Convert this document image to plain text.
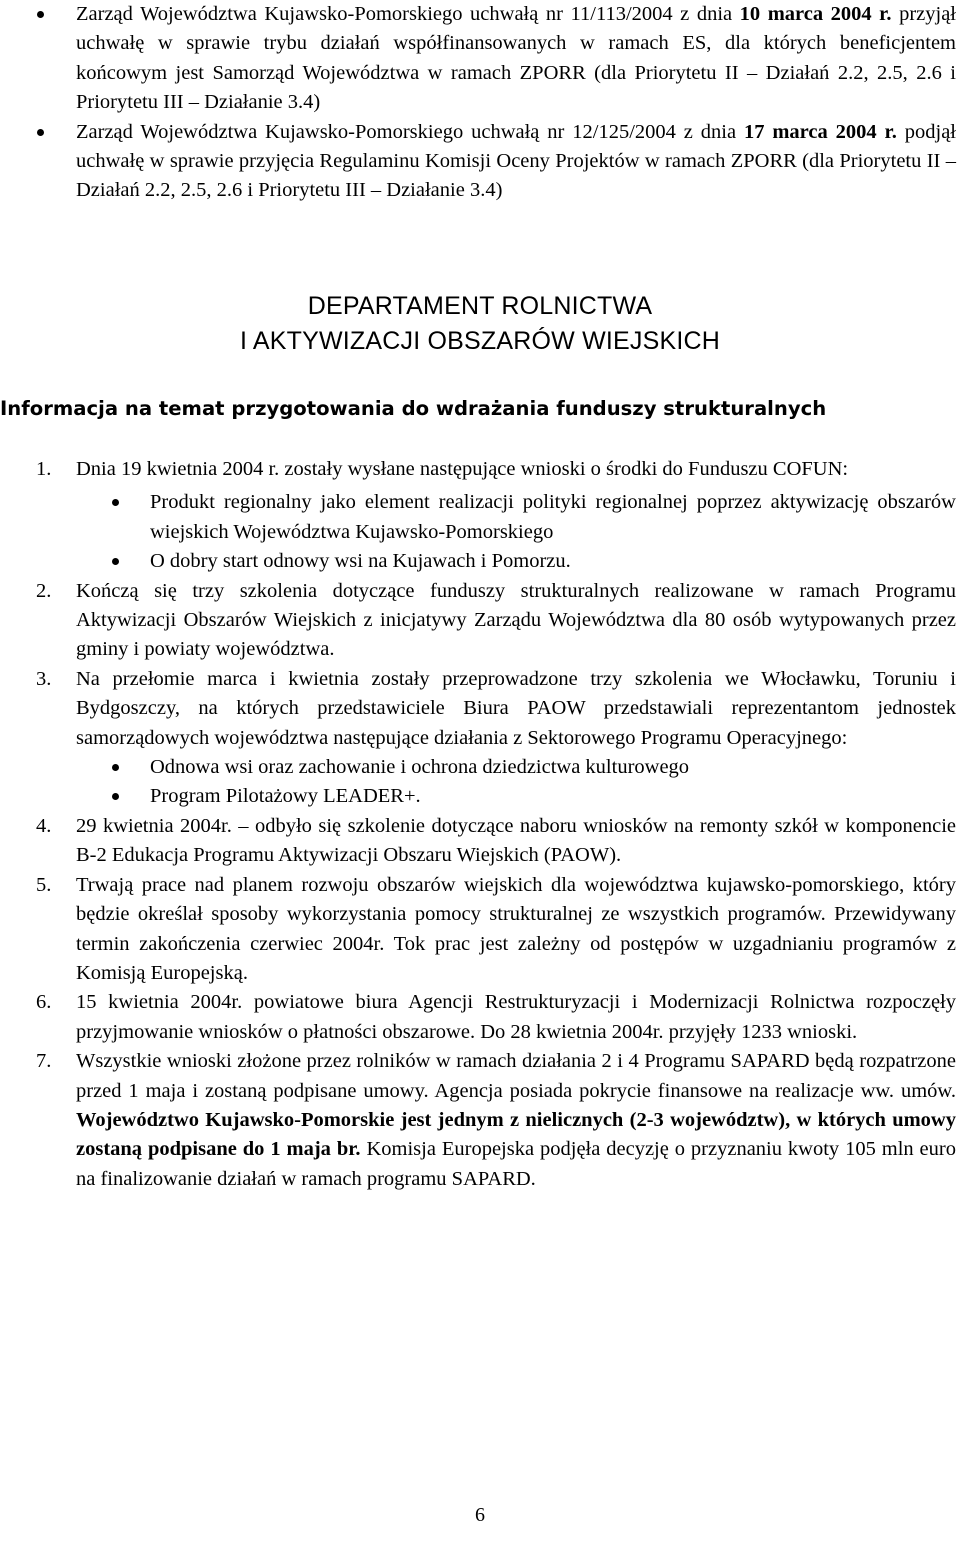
Zarząd Województwa Kujawsko-Pomorskiego uchwałą nr 11/113/2004 z dnia 10 marca 2004 r. przyjął uchwałę w sprawie trybu działań współfinansowanych w ramach ES, dla których beneficjentem końcowym jest Samorząd Województwa w ramach ZPORR (dla Priorytetu II – Działań 2.2, 2.5, 2.6 i Priorytetu III – Działanie 3.4)
Zarząd Województwa Kujawsko-Pomorskiego uchwałą nr 12/125/2004 z dnia 17 marca 2004 r. podjął uchwałę w sprawie przyjęcia Regulaminu Komisji Oceny Projektów w ramach ZPORR (dla Priorytetu II – Działań 2.2, 2.5, 2.6 i Priorytetu III – Działanie 3.4)
DEPARTAMENT ROLNICTWA
I AKTYWIZACJI OBSZARÓW WIEJSKICH
Informacja na temat przygotowania do wdrażania funduszy strukturalnych
1. Dnia 19 kwietnia 2004 r. zostały wysłane następujące wnioski o środki do Funduszu COFUN:
Produkt regionalny jako element realizacji polityki regionalnej poprzez aktywizację obszarów wiejskich Województwa Kujawsko-Pomorskiego
O dobry start odnowy wsi na Kujawach i Pomorzu.
2. Kończą się trzy szkolenia dotyczące funduszy strukturalnych realizowane w ramach Programu Aktywizacji Obszarów Wiejskich z inicjatywy Zarządu Województwa dla 80 osób wytypowanych przez gminy i powiaty województwa.
3. Na przełomie marca i kwietnia zostały przeprowadzone trzy szkolenia we Włocławku, Toruniu i Bydgoszczy, na których przedstawiciele Biura PAOW przedstawiali reprezentantom jednostek samorządowych województwa następujące działania z Sektorowego Programu Operacyjnego:
Odnowa wsi oraz zachowanie i ochrona dziedzictwa kulturowego
Program Pilotażowy LEADER+.
4. 29 kwietnia 2004r. – odbyło się szkolenie dotyczące naboru wniosków na remonty szkół w komponencie B-2 Edukacja Programu Aktywizacji Obszaru Wiejskich (PAOW).
5. Trwają prace nad planem rozwoju obszarów wiejskich dla województwa kujawsko-pomorskiego, który będzie określał sposoby wykorzystania pomocy strukturalnej ze wszystkich programów. Przewidywany termin zakończenia czerwiec 2004r. Tok prac jest zależny od postępów w uzgadnianiu programów z Komisją Europejską.
6. 15 kwietnia 2004r. powiatowe biura Agencji Restrukturyzacji i Modernizacji Rolnictwa rozpoczęły przyjmowanie wniosków o płatności obszarowe. Do 28 kwietnia 2004r. przyjęły 1233 wnioski.
7. Wszystkie wnioski złożone przez rolników w ramach działania 2 i 4 Programu SAPARD będą rozpatrzone przed 1 maja i zostaną podpisane umowy. Agencja posiada pokrycie finansowe na realizacje ww. umów. Województwo Kujawsko-Pomorskie jest jednym z nielicznych (2-3 województw), w których umowy zostaną podpisane do 1 maja br. Komisja Europejska podjęła decyzję o przyznaniu kwoty 105 mln euro na finalizowanie działań w ramach programu SAPARD.
6
